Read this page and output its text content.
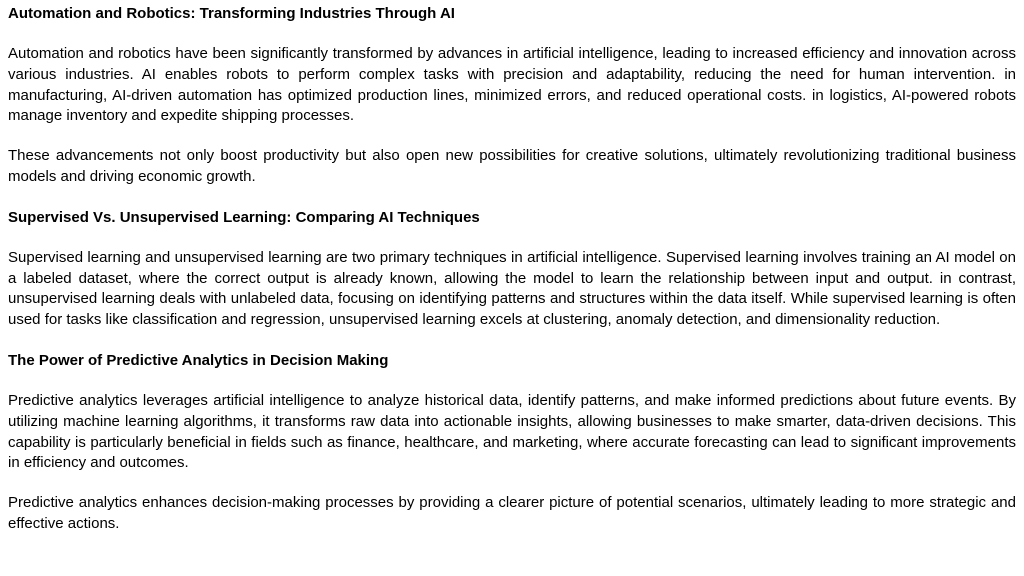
Automation and Robotics: Transforming Industries Through AI

Automation and robotics have been significantly transformed by advances in artificial intelligence, leading to increased efficiency and innovation across various industries. AI enables robots to perform complex tasks with precision and adaptability, reducing the need for human intervention. in manufacturing, AI-driven automation has optimized production lines, minimized errors, and reduced operational costs. in logistics, AI-powered robots manage inventory and expedite shipping processes.

These advancements not only boost productivity but also open new possibilities for creative solutions, ultimately revolutionizing traditional business models and driving economic growth.

Supervised Vs. Unsupervised Learning: Comparing AI Techniques

Supervised learning and unsupervised learning are two primary techniques in artificial intelligence. Supervised learning involves training an AI model on a labeled dataset, where the correct output is already known, allowing the model to learn the relationship between input and output. in contrast, unsupervised learning deals with unlabeled data, focusing on identifying patterns and structures within the data itself. While supervised learning is often used for tasks like classification and regression, unsupervised learning excels at clustering, anomaly detection, and dimensionality reduction.

The Power of Predictive Analytics in Decision Making

Predictive analytics leverages artificial intelligence to analyze historical data, identify patterns, and make informed predictions about future events. By utilizing machine learning algorithms, it transforms raw data into actionable insights, allowing businesses to make smarter, data-driven decisions. This capability is particularly beneficial in fields such as finance, healthcare, and marketing, where accurate forecasting can lead to significant improvements in efficiency and outcomes.

Predictive analytics enhances decision-making processes by providing a clearer picture of potential scenarios, ultimately leading to more strategic and effective actions.
